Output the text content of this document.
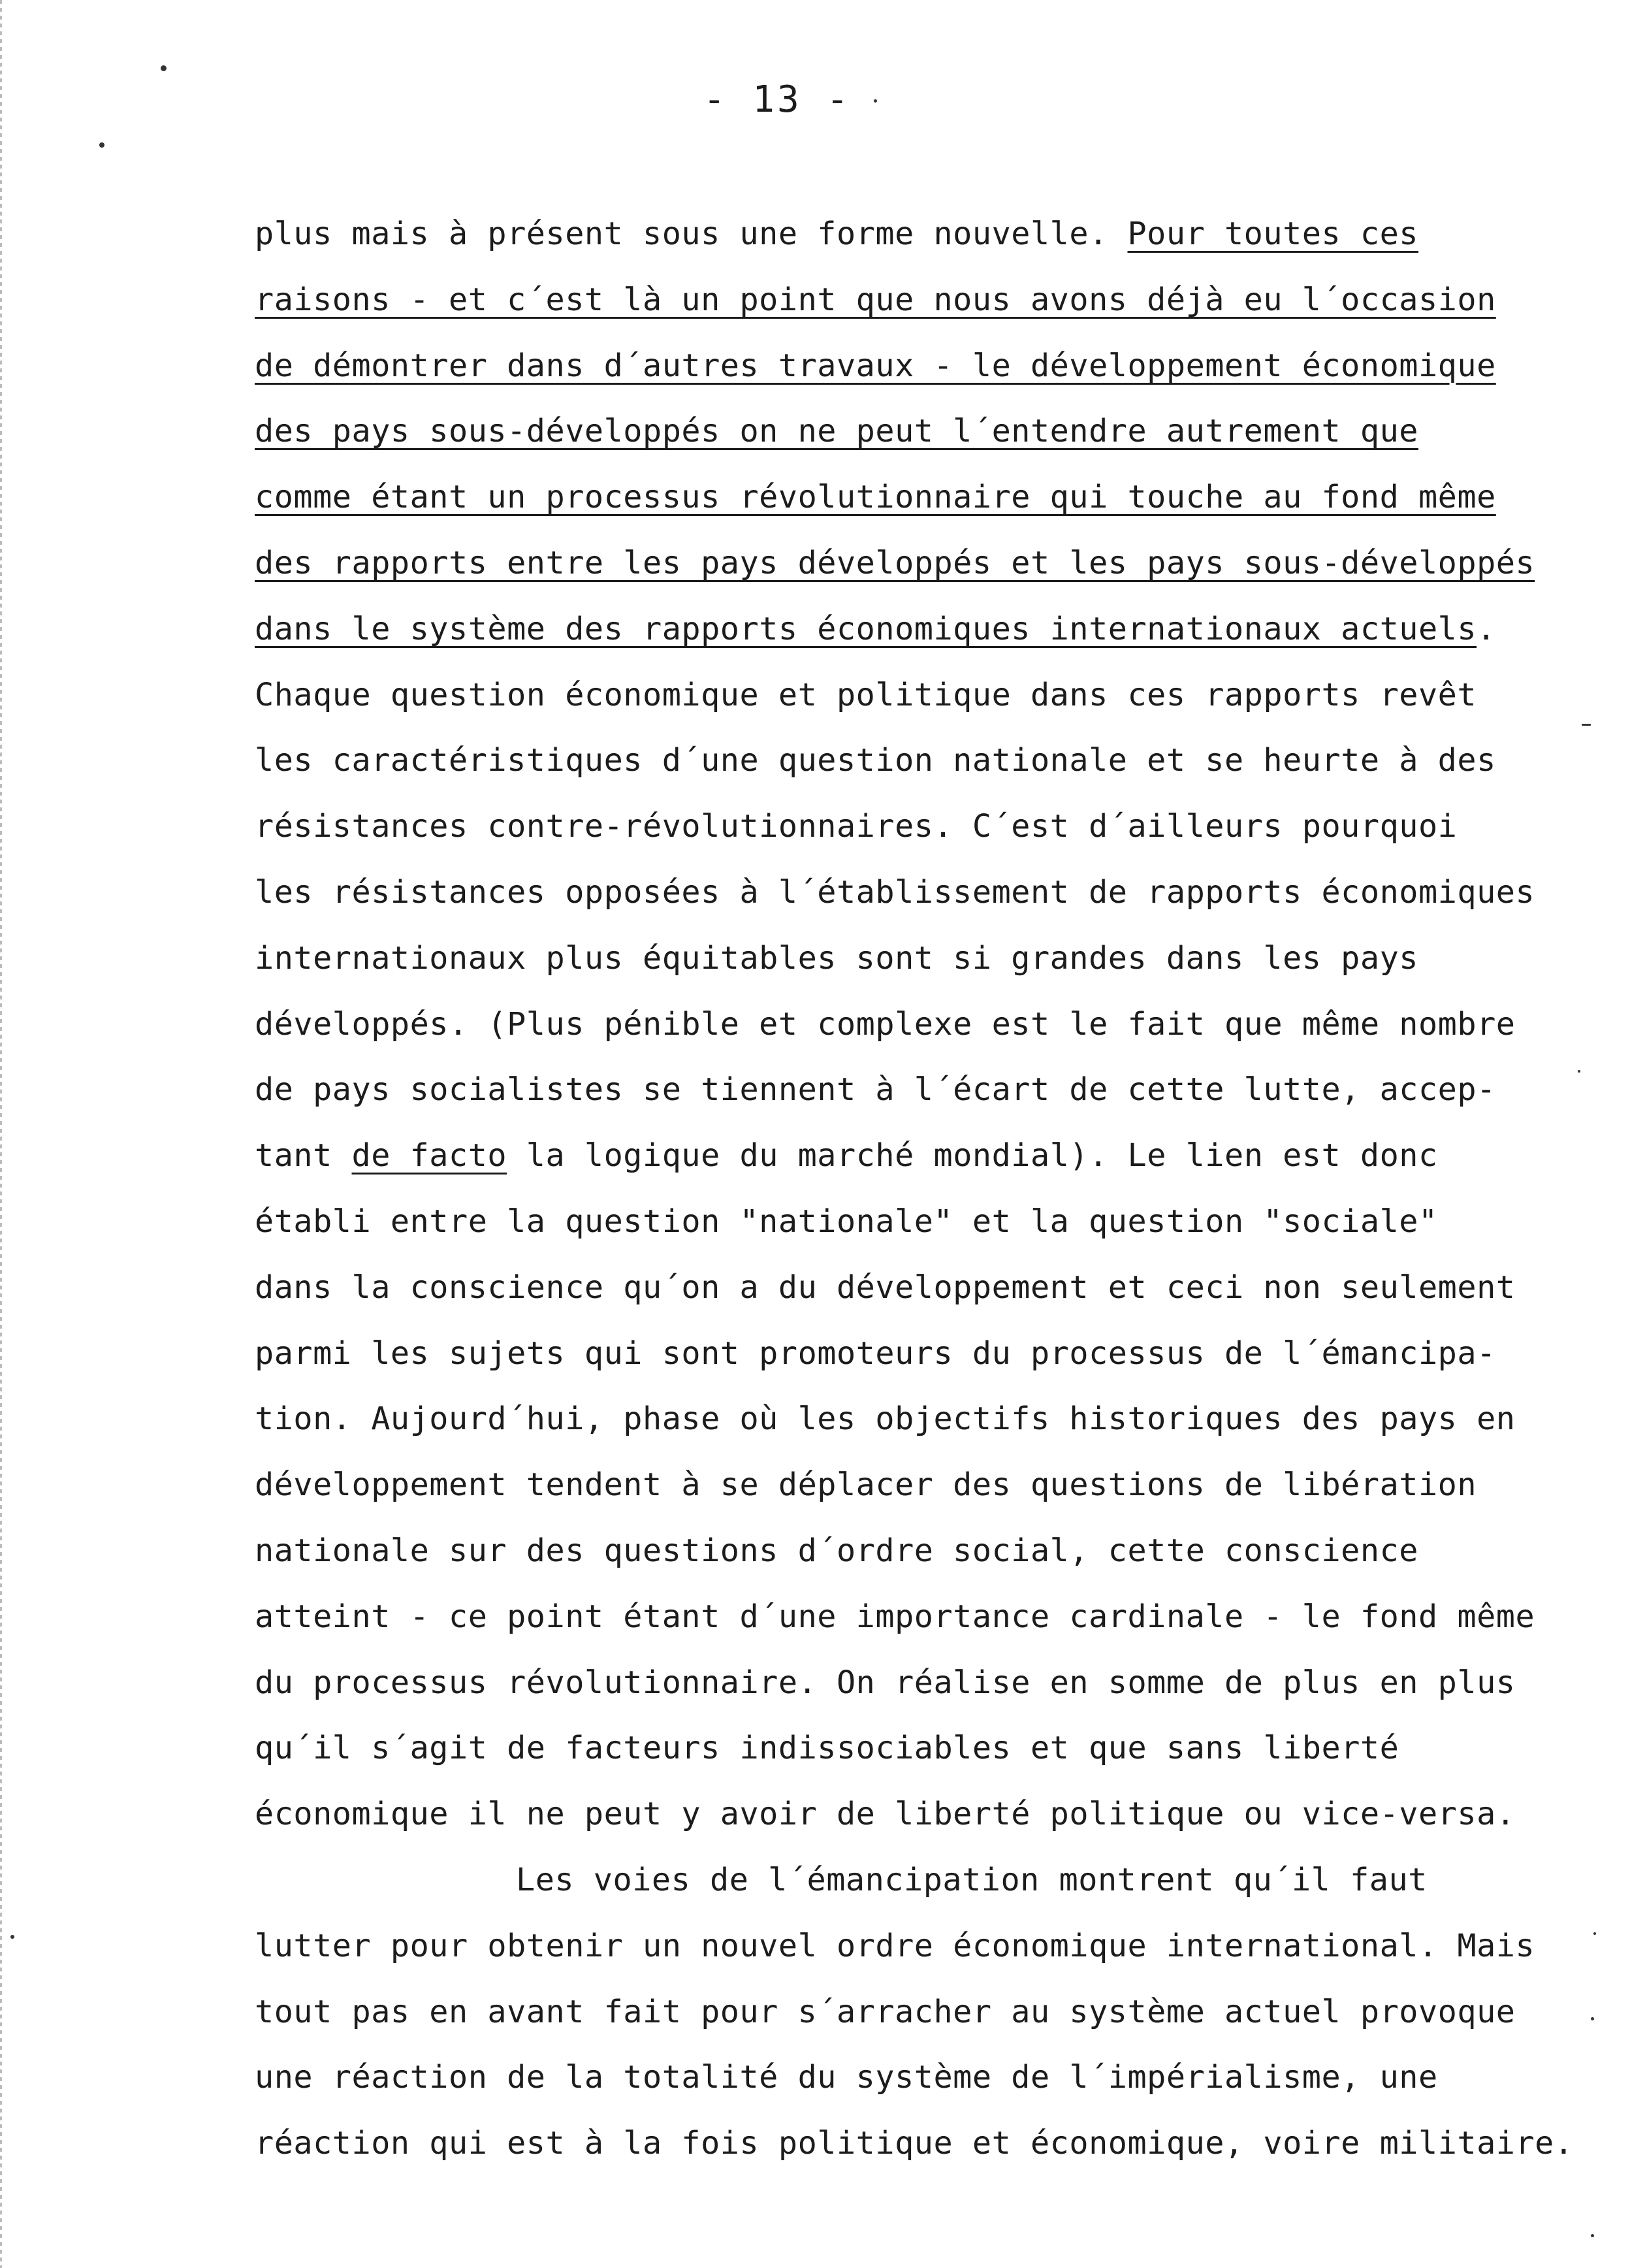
- 13 -
plus mais à présent sous une forme nouvelle. Pour toutes ces
raisons - et c´est là un point que nous avons déjà eu l´occasion
de démontrer dans d´autres travaux - le développement économique
des pays sous-développés on ne peut l´entendre autrement que
comme étant un processus révolutionnaire qui touche au fond même
des rapports entre les pays développés et les pays sous-développés
dans le système des rapports économiques internationaux actuels.
Chaque question économique et politique dans ces rapports revêt
les caractéristiques d´une question nationale et se heurte à des
résistances contre-révolutionnaires. C´est d´ailleurs pourquoi
les résistances opposées à l´établissement de rapports économiques
internationaux plus équitables sont si grandes dans les pays
développés. (Plus pénible et complexe est le fait que même nombre
de pays socialistes se tiennent à l´écart de cette lutte, accep-
tant de facto la logique du marché mondial). Le lien est donc
établi entre la question "nationale" et la question "sociale"
dans la conscience qu´on a du développement et ceci non seulement
parmi les sujets qui sont promoteurs du processus de l´émancipa-
tion. Aujourd´hui, phase où les objectifs historiques des pays en
développement tendent à se déplacer des questions de libération
nationale sur des questions d´ordre social, cette conscience
atteint - ce point étant d´une importance cardinale - le fond même
du processus révolutionnaire. On réalise en somme de plus en plus
qu´il s´agit de facteurs indissociables et que sans liberté
économique il ne peut y avoir de liberté politique ou vice-versa.
Les voies de l´émancipation montrent qu´il faut
lutter pour obtenir un nouvel ordre économique international. Mais
tout pas en avant fait pour s´arracher au système actuel provoque
une réaction de la totalité du système de l´impérialisme, une
réaction qui est à la fois politique et économique, voire militaire.
